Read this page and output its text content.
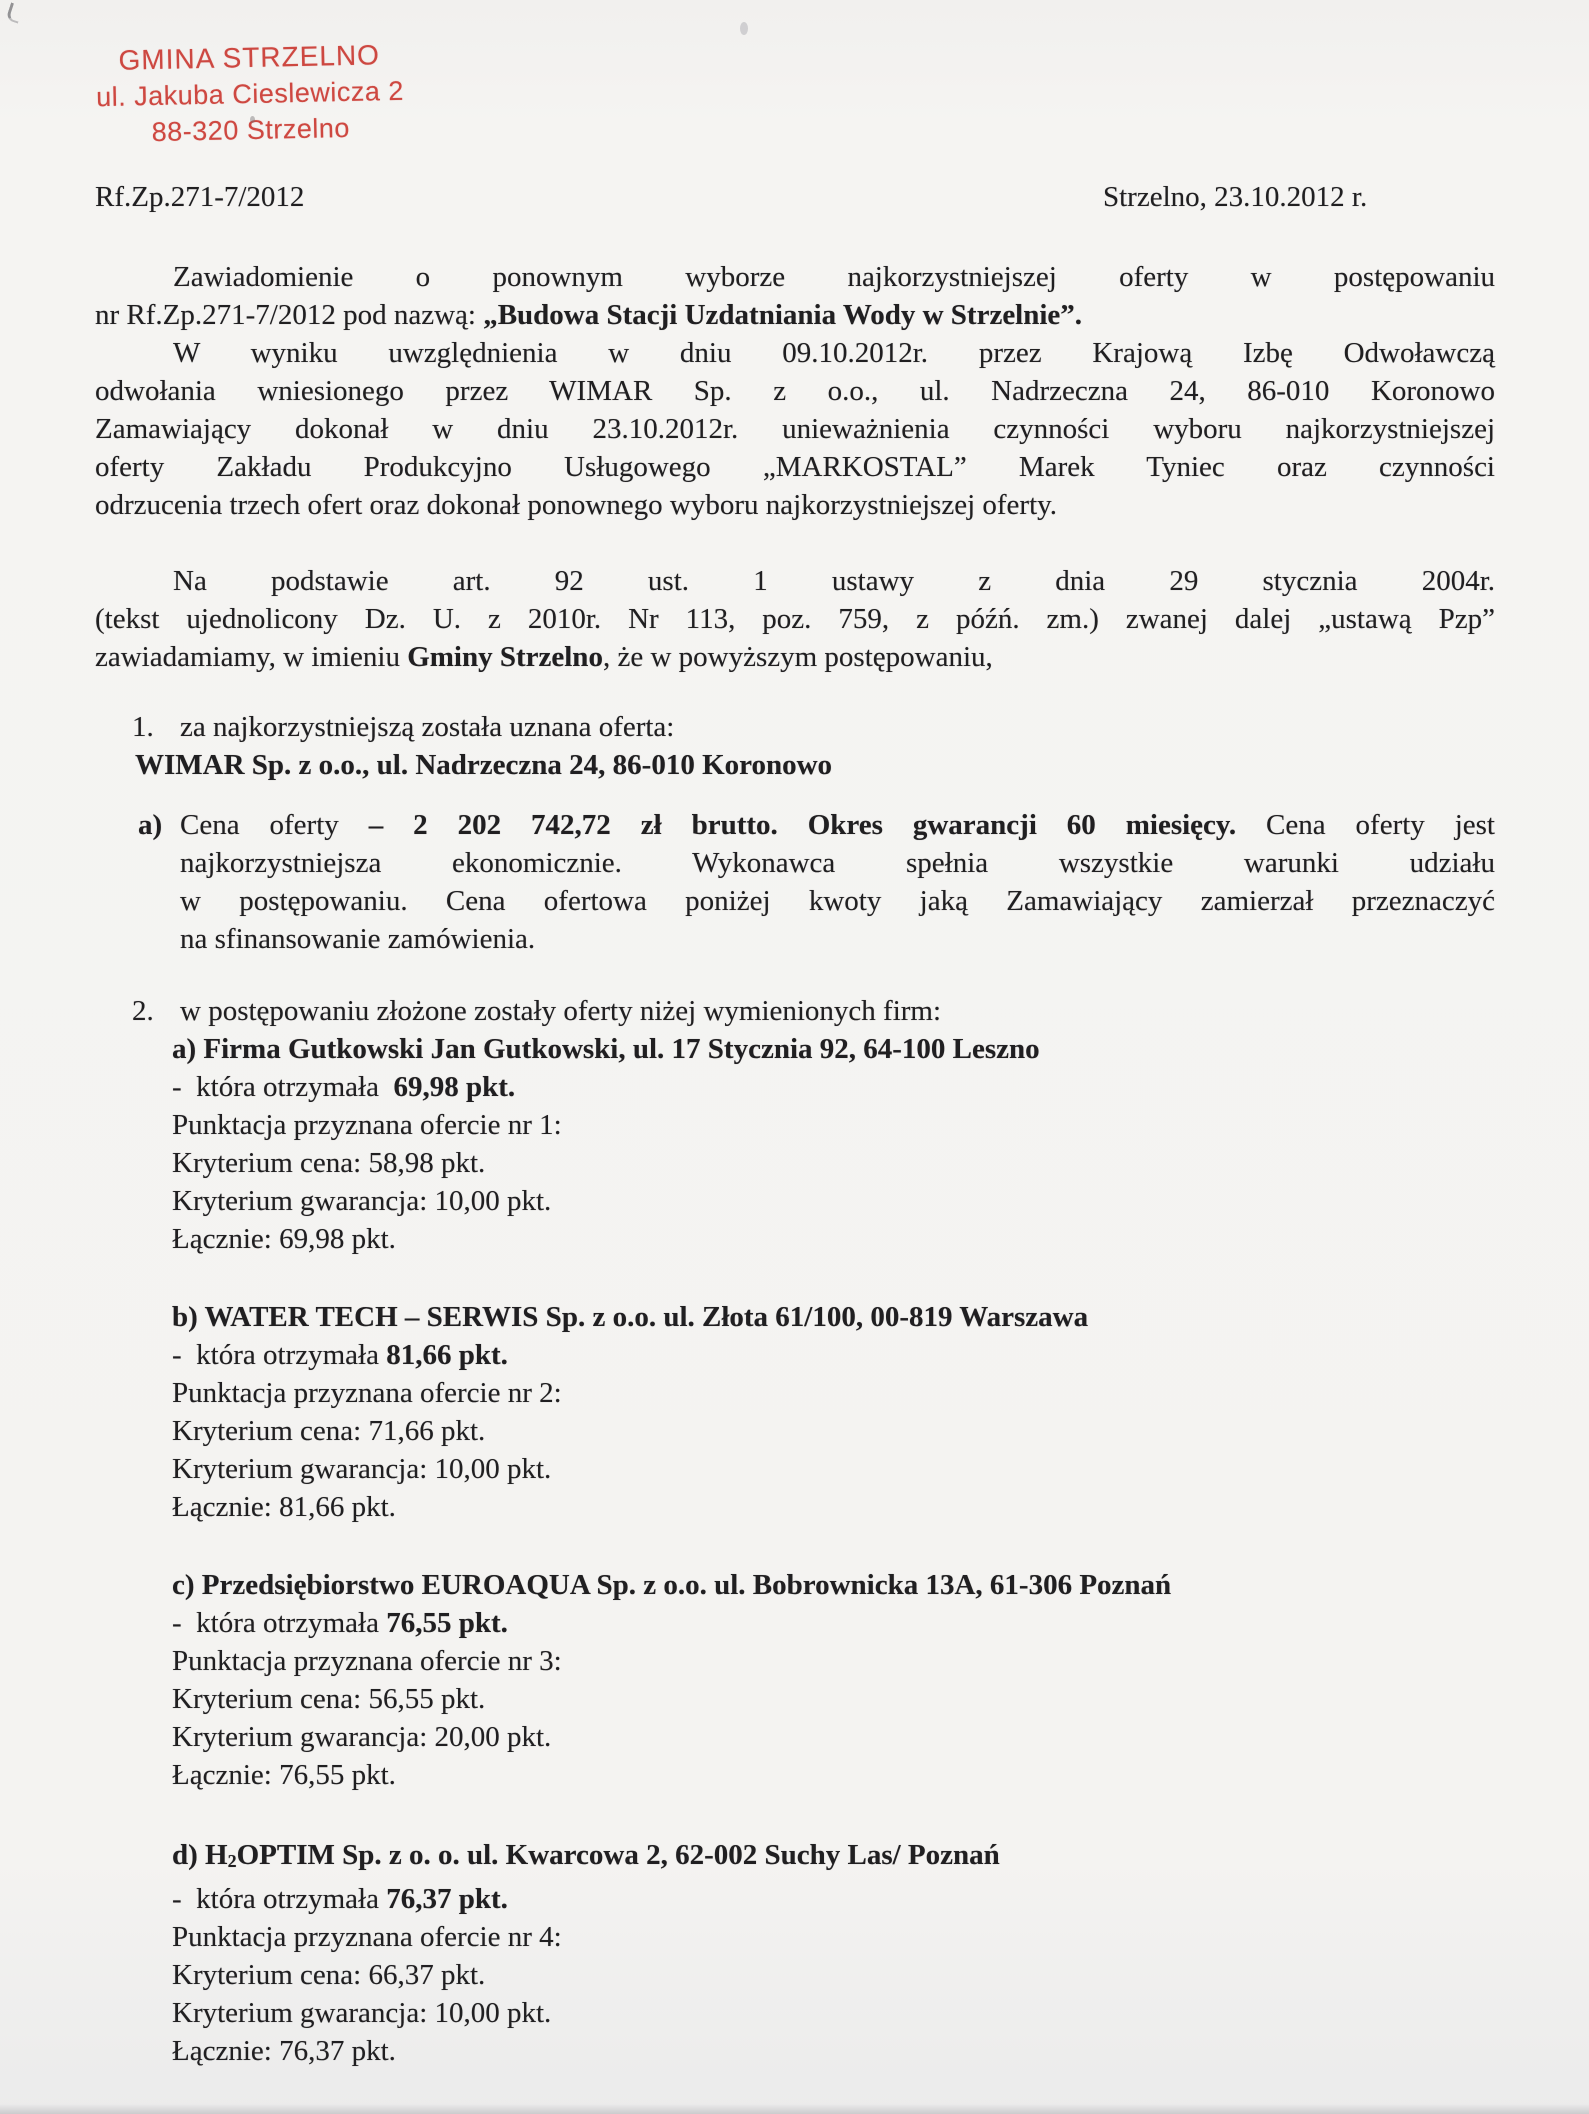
GMINA STRZELNO
ul. Jakuba Cieslewicza 2
88-320 Strzelno
Rf.Zp.271-7/2012	Strzelno, 23.10.2012 r.
Zawiadomienie o ponownym wyborze najkorzystniejszej oferty w postępowaniu
nr Rf.Zp.271-7/2012 pod nazwą: „Budowa Stacji Uzdatniania Wody w Strzelnie”.
W wyniku uwzględnienia w dniu 09.10.2012r. przez Krajową Izbę Odwoławczą
odwołania wniesionego przez WIMAR Sp. z o.o., ul. Nadrzeczna 24, 86-010 Koronowo
Zamawiający dokonał w dniu 23.10.2012r. unieważnienia czynności wyboru najkorzystniejszej
oferty Zakładu Produkcyjno Usługowego „MARKOSTAL” Marek Tyniec oraz czynności
odrzucenia trzech ofert oraz dokonał ponownego wyboru najkorzystniejszej oferty.
Na podstawie art. 92 ust. 1 ustawy z dnia 29 stycznia 2004r.
(tekst ujednolicony Dz. U. z 2010r. Nr 113, poz. 759, z późń. zm.) zwanej dalej „ustawą Pzp”
zawiadamiamy, w imieniu Gminy Strzelno, że w powyższym postępowaniu,
1. za najkorzystniejszą została uznana oferta:
WIMAR Sp. z o.o., ul. Nadrzeczna 24, 86-010 Koronowo
a) Cena oferty – 2 202 742,72 zł brutto. Okres gwarancji 60 miesięcy. Cena oferty jest
najkorzystniejsza ekonomicznie. Wykonawca spełnia wszystkie warunki udziału
w postępowaniu. Cena ofertowa poniżej kwoty jaką Zamawiający zamierzał przeznaczyć
na sfinansowanie zamówienia.
2. w postępowaniu złożone zostały oferty niżej wymienionych firm:
a) Firma Gutkowski Jan Gutkowski, ul. 17 Stycznia 92, 64-100 Leszno
-  która otrzymała  69,98 pkt.
Punktacja przyznana ofercie nr 1:
Kryterium cena: 58,98 pkt.
Kryterium gwarancja: 10,00 pkt.
Łącznie: 69,98 pkt.
b) WATER TECH – SERWIS Sp. z o.o. ul. Złota 61/100, 00-819 Warszawa
-  która otrzymała 81,66 pkt.
Punktacja przyznana ofercie nr 2:
Kryterium cena: 71,66 pkt.
Kryterium gwarancja: 10,00 pkt.
Łącznie: 81,66 pkt.
c) Przedsiębiorstwo EUROAQUA Sp. z o.o. ul. Bobrownicka 13A, 61-306 Poznań
-  która otrzymała 76,55 pkt.
Punktacja przyznana ofercie nr 3:
Kryterium cena: 56,55 pkt.
Kryterium gwarancja: 20,00 pkt.
Łącznie: 76,55 pkt.
d) H2OPTIM Sp. z o. o. ul. Kwarcowa 2, 62-002 Suchy Las/ Poznań
-  która otrzymała 76,37 pkt.
Punktacja przyznana ofercie nr 4:
Kryterium cena: 66,37 pkt.
Kryterium gwarancja: 10,00 pkt.
Łącznie: 76,37 pkt.
